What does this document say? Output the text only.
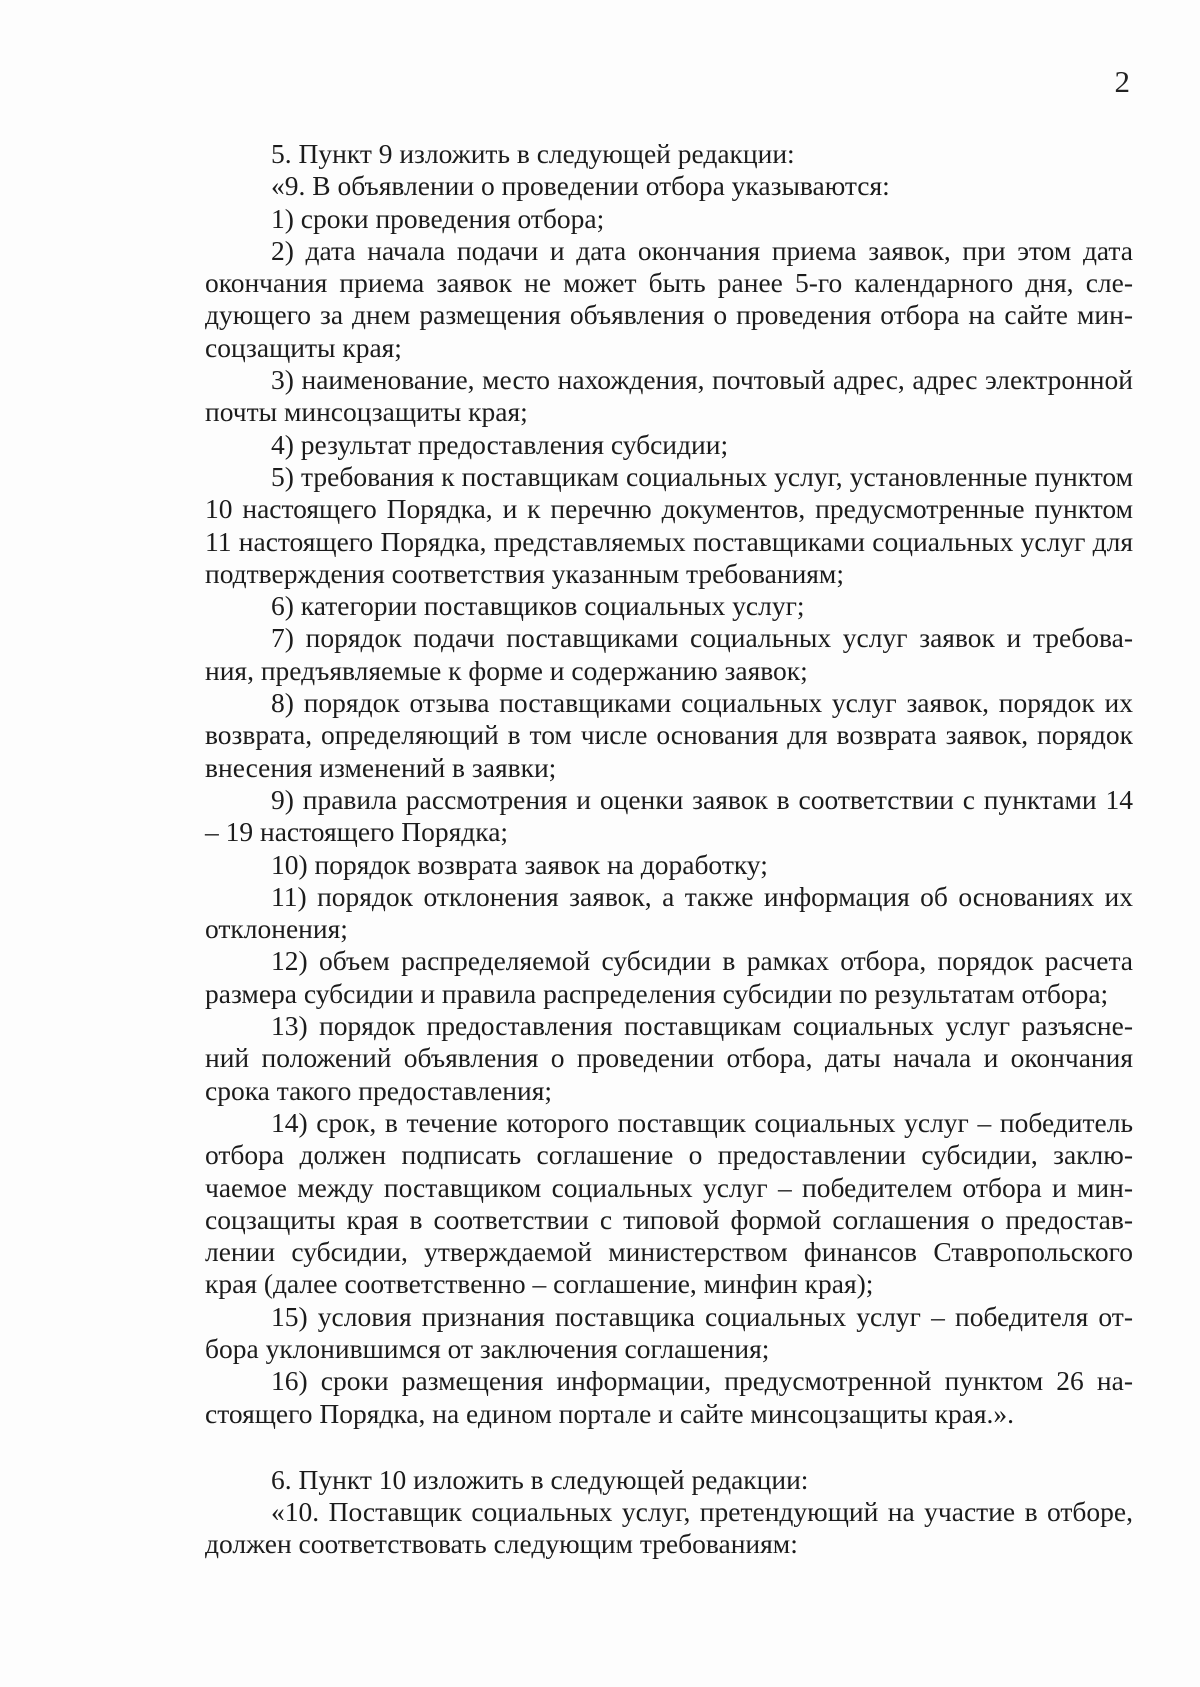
2

5. Пункт 9 изложить в следующей редакции:

«9. В объявлении о проведении отбора указываются:

1) сроки проведения отбора;

2) дата начала подачи и дата окончания приема заявок, при этом дата окончания приема заявок не может быть ранее 5-го календарного дня, следующего за днем размещения объявления о проведения отбора на сайте минсоцзащиты края;

3) наименование, место нахождения, почтовый адрес, адрес электронной почты минсоцзащиты края;

4) результат предоставления субсидии;

5) требования к поставщикам социальных услуг, установленные пунктом 10 настоящего Порядка, и к перечню документов, предусмотренные пунктом 11 настоящего Порядка, представляемых поставщиками социальных услуг для подтверждения соответствия указанным требованиям;

6) категории поставщиков социальных услуг;

7) порядок подачи поставщиками социальных услуг заявок и требования, предъявляемые к форме и содержанию заявок;

8) порядок отзыва поставщиками социальных услуг заявок, порядок их возврата, определяющий в том числе основания для возврата заявок, порядок внесения изменений в заявки;

9) правила рассмотрения и оценки заявок в соответствии с пунктами 14 – 19 настоящего Порядка;

10) порядок возврата заявок на доработку;

11) порядок отклонения заявок, а также информация об основаниях их отклонения;

12) объем распределяемой субсидии в рамках отбора, порядок расчета размера субсидии и правила распределения субсидии по результатам отбора;

13) порядок предоставления поставщикам социальных услуг разъяснений положений объявления о проведении отбора, даты начала и окончания срока такого предоставления;

14) срок, в течение которого поставщик социальных услуг – победитель отбора должен подписать соглашение о предоставлении субсидии, заключаемое между поставщиком социальных услуг – победителем отбора и минсоцзащиты края в соответствии с типовой формой соглашения о предоставлении субсидии, утверждаемой министерством финансов Ставропольского края (далее соответственно – соглашение, минфин края);

15) условия признания поставщика социальных услуг – победителя отбора уклонившимся от заключения соглашения;

16) сроки размещения информации, предусмотренной пунктом 26 настоящего Порядка, на едином портале и сайте минсоцзащиты края.».

6. Пункт 10 изложить в следующей редакции:

«10. Поставщик социальных услуг, претендующий на участие в отборе, должен соответствовать следующим требованиям:
